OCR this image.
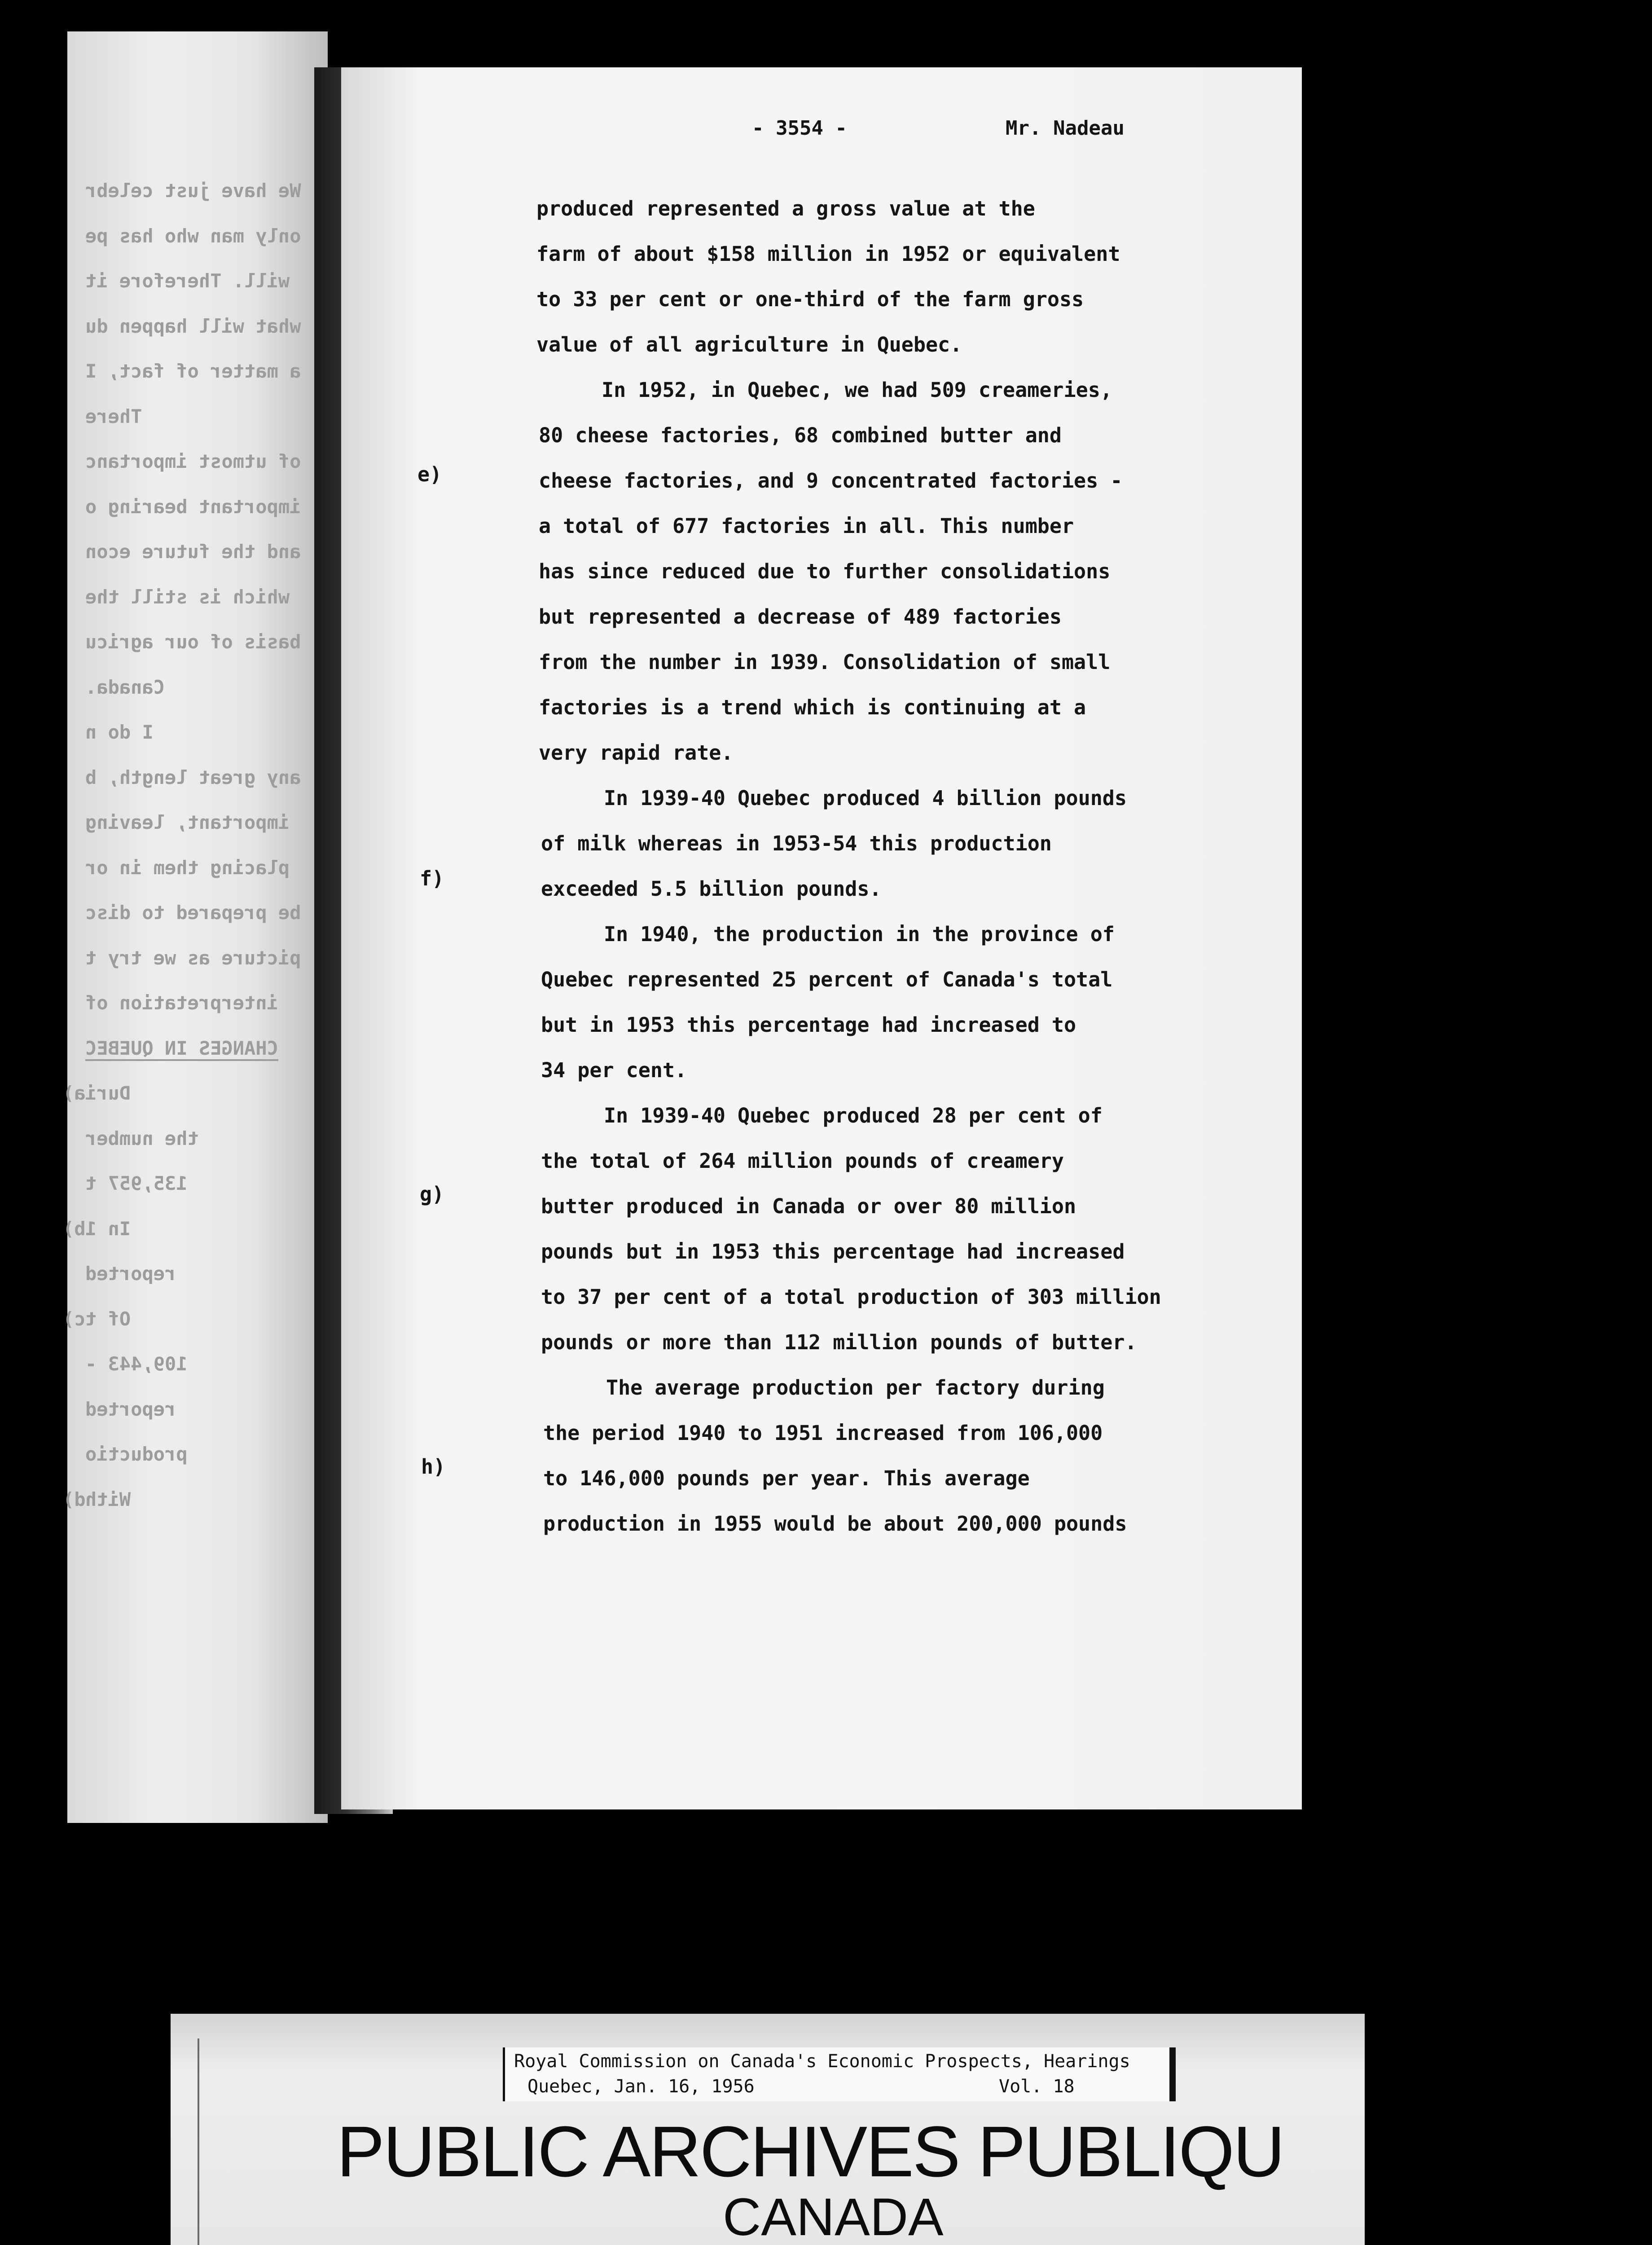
We have just celebr
only man who has pe
will. Therefore it
what will happen du
a matter of fact, I
There
of utmost importanc
important bearing o
and the future econ
which is still the
basis of our agricu
Canada.
I do n
any great length, b
important, leaving
placing them in or
be prepared to disc
picture as we try t
interpretation of
CHANGES IN QUEBEC
Duri
a)
the number
135,957 t
In 1
b)
reported
Of t
c)
109,443 -
reported
productio
With
d)
- 3554 -	Mr. Nadeau
e)
f)
g)
h)
produced represented a gross value at the
farm of about $158 million in 1952 or equivalent
to 33 per cent or one-third of the farm gross
value of all agriculture in Quebec.
In 1952, in Quebec, we had 509 creameries,
80 cheese factories, 68 combined butter and
cheese factories, and 9 concentrated factories -
a total of 677 factories in all. This number
has since reduced due to further consolidations
but represented a decrease of 489 factories
from the number in 1939. Consolidation of small
factories is a trend which is continuing at a
very rapid rate.
In 1939-40 Quebec produced 4 billion pounds
of milk whereas in 1953-54 this production
exceeded 5.5 billion pounds.
In 1940, the production in the province of
Quebec represented 25 percent of Canada's total
but in 1953 this percentage had increased to
34 per cent.
In 1939-40 Quebec produced 28 per cent of
the total of 264 million pounds of creamery
butter produced in Canada or over 80 million
pounds but in 1953 this percentage had increased
to 37 per cent of a total production of 303 million
pounds or more than 112 million pounds of butter.
The average production per factory during
the period 1940 to 1951 increased from 106,000
to 146,000 pounds per year. This average
production in 1955 would be about 200,000 pounds
Royal Commission on Canada's Economic Prospects, Hearings
Quebec, Jan. 16, 1956	Vol. 18
PUBLIC ARCHIVES PUBLIQU
CANADA
